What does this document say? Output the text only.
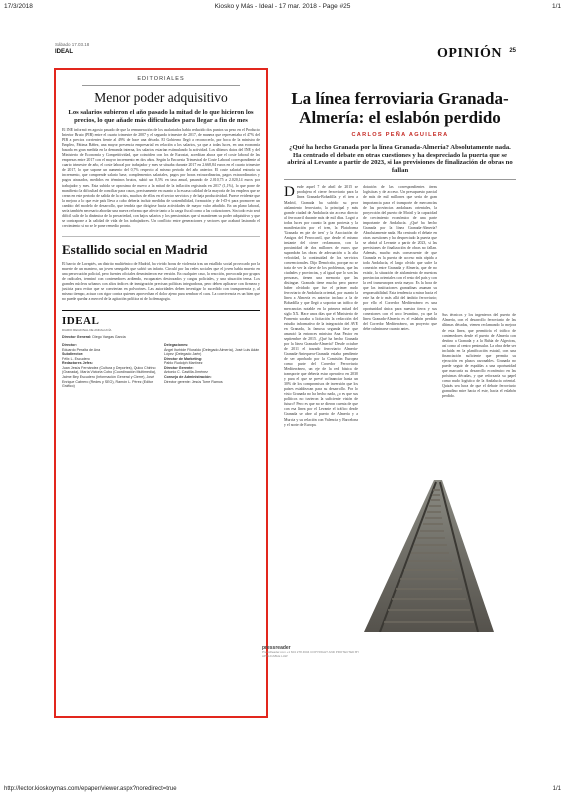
17/3/2018	Kiosko y Más - Ideal - 17 mar. 2018 - Page #25	1/1
Sábado 17.03.18
IDEAL	OPINIÓN 25
EDITORIALES
Menor poder adquisitivo

Los salarios subieron el año pasado la mitad de lo que hicieron los precios, lo que añade más dificultades para llegar a fin de mes

El INE informó en agosto pasado de que la remuneración de los asalariados había reducido dos puntos su peso en el Producto Interior Bruto (PIB) entre el cuarto trimestre de 2007 y el segundo trimestre de 2017, de manera que representaba el 47% del PIB a precios corrientes frente al 49% de hace una década. El Gobierno llegó a reconocerlo, por boca de la ministra de Empleo, Fátima Báñez, una mayor presencia empresarial en relación a los salarios, ya que a todas luces, en una economía basada en gran medida en la demanda interna, los salarios estarían estimulando la actividad. Los últimos datos del INE y del Ministerio de Economía y Competitividad, que coinciden con los de Eurostat, acreditan ahora que el coste laboral de las empresas entre 2017 con el mayor incremento en dos años. Según la Encuesta Trimestral de Coste Laboral correspondiente al cuarto trimestre de año, el coste laboral por trabajador y mes se situaba durante 2017 en 2.668,84 euros en el cuarto trimestre de 2017, lo que supone un aumento del 0,7% respecto al mismo periodo del año anterior. El coste salarial entraría su incremento, que comprende salario base, complementos salariales, pagos por horas extraordinarias, pagos extraordinarios y pagos atrasados, medidos en términos brutos, subió un 0,5% en tasa anual, pasando de 2.010,75 a 2.020,14 euros por trabajador y mes. Esta subida se aproxima de nuevo a la mitad de la inflación registrada en 2017 (1,1%), lo que pone de manifiesto la dificultad de conciliar para casos, precisamente en cuanto a la escasa calidad de la mayoría de los empleos que se crean en este periodo de salida de la crisis, muchos de ellos en el sector servicios y de baja productividad. Parece evidente que la mejora a lo que este país lleva a cabo debería incluir medidas de sostenibilidad, formación y de I+D+i para promover un cambio del modelo de desarrollo, que tendría que dirigirse hacia actividades de mayor valor añadido. En un plano laboral, sería también necesario abordar una nueva reforma que afecte tanto a la carga fiscal como a las cotizaciones. Sin todo esto será difícil salir de la dinámica de la precariedad, con bajos salarios y los pensionistas que sí mantienen su poder adquisitivo y que se contrapone a la calidad de vida de los trabajadores. Un conflicto entre generaciones y sectores que acabará lastrando el crecimiento si no se le pone remedio pronto.

Estallido social en Madrid

El barrio de Lavapiés, un distrito multiétnico de Madrid, ha vivido horas de violencia tras un estallido social provocado por la muerte de un mantero, un joven senegalés que sufrió un infarto. Circuló por las redes sociales que el joven había muerto en una persecución policial, pero fuentes oficiales desmintieron ese versión. En cualquier caso, la reacción, provocada por grupos de radicales, terminó con contenedores ardiendo, escaparates destrozados y cargas policiales, y una situación tensa. Los grandes núcleos urbanos con altos índices de inmigración precisan políticas integradoras, pero deben aplicarse con firmeza y justicia para evitar que se conviertan en polvorines. Las autoridades deben investigar lo sucedido con transparencia y, al mismo tiempo, actuar con rigor contra quienes aprovechan el dolor ajeno para sembrar el caos. La convivencia es un bien que no puede quedar a merced de la agitación política ni de la demagogia.

IDEAL
DIARIO REGIONAL DE ANDALUCÍA
Director General: Diego Vargas García
Director:
Eduardo Peralta de Ana
Subdirector:
Félix L. Escudero
Redactores Jefes:
Juan Jesús Fernández (Cultura y Deportes), Quico Chirino (Granada), María Victoria Cobo (Coordinación Multimedia), Jaime Bey Escudero (Información General y Cierre), José Enrique Cabrero (Redes y SEO), Ramón L. Pérez (Editor Gráfico)
Delegaciones:
Ángel Iturbide Filoraldo (Delegado Almería), José Luis Adán López (Delegado Jaén)
Director de Marketing:
Pablo Rudolph Martínez
Director Gerente:
Antonio C. Castilla Jiménez
Consejo de Administración:
Director gerente: Jesús Torre Ramos
La línea ferroviaria Granada-Almería: el eslabón perdido
CARLOS PEÑA AGUILERA

¿Qué ha hecho Granada por la línea Granada-Almería? Absolutamente nada. Ha centrado el debate en otras cuestiones y ha despreciado la puerta que se abrirá al Levante a partir de 2023, si las previsiones de finalización de obras no fallan

Desde aquel 7 de abril de 2015 se produjera el cierre ferroviario para la línea Granada-Bobadilla y el tren a Madrid, Granada ha sufrido su peor aislamiento ferroviario, la principal y más grande ciudad de Andalucía sin acceso directo al ferrocarril durante más de mil días. Logró a todas luces por cuanto la gran protesta y la manifestación por el tren, la Plataforma 'Granada en pie de tren' y la Asociación de Amigos del Ferrocarril, que desde el mismo instante del cierre reclamaron, con la proximidad de dos millones de euros que supondrán las obras de adecuación a la alta velocidad, la continuidad de los servicios convencionales. Dijo Demócrito, porque no se trata de ver la clave de los problemas, que las ciudades y provincias, y al igual que lo son las personas, tienen una memoria que las distingue. Granada tiene mucha pero parece haber olvidado que fue el primer nudo ferroviario de Andalucía oriental, por cuanto la línea a Almería es anterior incluso a la de Bobadilla y que llegó a soportar un tráfico de mercancías notable en la primera mitad del siglo XX. Hace unos días que el Ministerio de Fomento sacaba a licitación la redacción del estudio informativo de la integración del AVE en Granada, la famosa segunda fase que anunció la entonces ministra Ana Pastor en septiembre de 2015. ¿Qué ha hecho Granada por la línea Granada-Almería? Desde octubre de 2011 el trazado ferroviario Almería-Granada-Antequera-Granada estaba pendiente de ser aprobado por la Comisión Europea como parte del Corredor Ferroviario Mediterráneo, un eje de la red básica de transporte que debería estar operativo en 2030 y para el que se prevé cofinanciar hasta un 30% de los compromisos de inversión que los países establezcan para su desarrollo. Por lo visto Granada no ha hecho nada, ¿o es que sus políticos no tuvieron la suficiente visión de futuro? Pero es que no se dieron cuenta de que con esa línea por el Levante el tráfico desde Granada se abre al puerto de Almería y a Murcia y su relación con Valencia y Barcelona y el norte de Europa.

dotación de las correspondientes áreas logísticas y de acceso. Un presupuesto parcial de más de mil millones que sería de gran importancia para el transporte de mercancías de las provincias andaluzas orientales, la proyección del puerto de Motril y la capacidad de crecimiento económico de una parte importante de Andalucía. ¿Qué ha hecho Granada por la línea Granada-Almería? Absolutamente nada. Ha centrado el debate en otras cuestiones y ha despreciado la puerta que se abrirá al Levante a partir de 2023, si las previsiones de finalización de obras no fallan. Además, mucho más consecuente de que Granada es la puerta de acceso más rápida a toda Andalucía, el largo olvido que sufre la conexión entre Granada y Almería, que de no existir, la situación de aislamiento de nuestras provincias orientales con el resto del país y con la red transeuropea sería mayor. Es la hora de que las instituciones granadinas asuman su responsabilidad. Esta tendencia a mirar hacia el este ha de ir más allá del ámbito ferroviario; por ello el Corredor Mediterráneo es una oportunidad única para nuestra tierra y sus conexiones con el arco levantino, ya que la línea Granada-Almería es el eslabón perdido del Corredor Mediterráneo, un proyecto que debe culminarse cuanto antes.

Sus técnicos y los ingenieros del puerto de Almería, con el desarrollo ferroviario de las últimas décadas, vienen reclamando la mejora de esta línea, que permitiría el tráfico de contenedores desde el puerto de Almería con destino a Granada y a la Bahía de Algeciras, así como al centro peninsular. La obra debe ser incluida en la planificación estatal, con una financiación suficiente que permita su ejecución en plazos razonables. Granada no puede seguir de espaldas a una oportunidad que marcaría su desarrollo económico en las próximas décadas, y que reforzaría su papel como nudo logístico de la Andalucía oriental. Quizás sea hora de que el debate ferroviario granadino mire hacia el este, hacia el eslabón perdido.

pressreader
PressReader.com +1 604 278 4604 COPYRIGHT AND PROTECTED BY APPLICABLE LAW
http://lector.kioskoymas.com/epaper/viewer.aspx?noredirect=true	1/1
